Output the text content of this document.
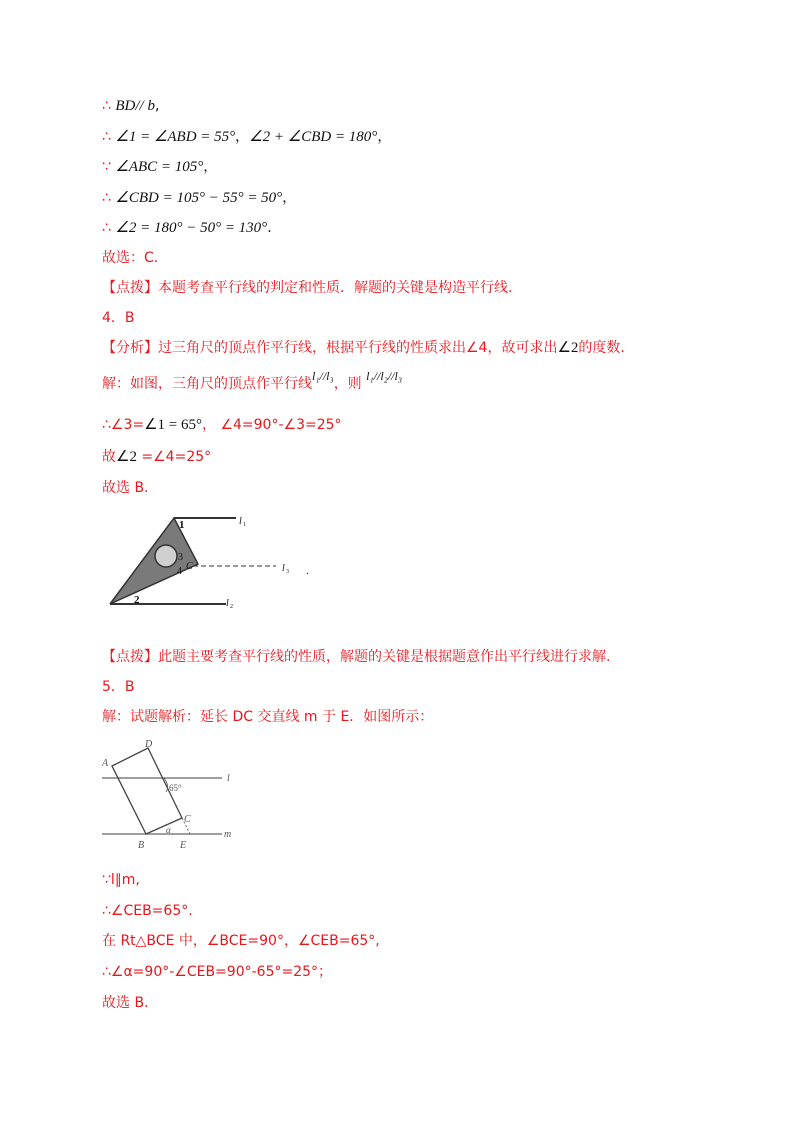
∴ BD// b,
∴ ∠1 = ∠ABD = 55°，∠2 + ∠CBD = 180°，
∵ ∠ABC = 105°，
∴ ∠CBD = 105° − 55° = 50°，
∴ ∠2 = 180° − 50° = 130°.
故选：C.
【点拨】本题考查平行线的判定和性质．解题的关键是构造平行线.
4．B
【分析】过三角尺的顶点作平行线，根据平行线的性质求出∠4，故可求出∠2的度数.
解：如图，三角尺的顶点作平行线l₁//l₃，则 l₁//l₂//l₃
∴∠3=∠1 = 65°， ∠4=90°-∠3=25°
故∠2 =∠4=25°
故选 B.
1
2
3
4 C
l 1
l 2
l 3 .
【点拨】此题主要考查平行线的性质，解题的关键是根据题意作出平行线进行求解.
5．B
解：试题解析：延长 DC 交直线 m 于 E．如图所示：
A
D
B
C
E
l
m
65°
α
∵l∥m,
∴∠CEB=65°.
在 Rt△BCE 中，∠BCE=90°，∠CEB=65°,
∴∠α=90°-∠CEB=90°-65°=25°；
故选 B.
